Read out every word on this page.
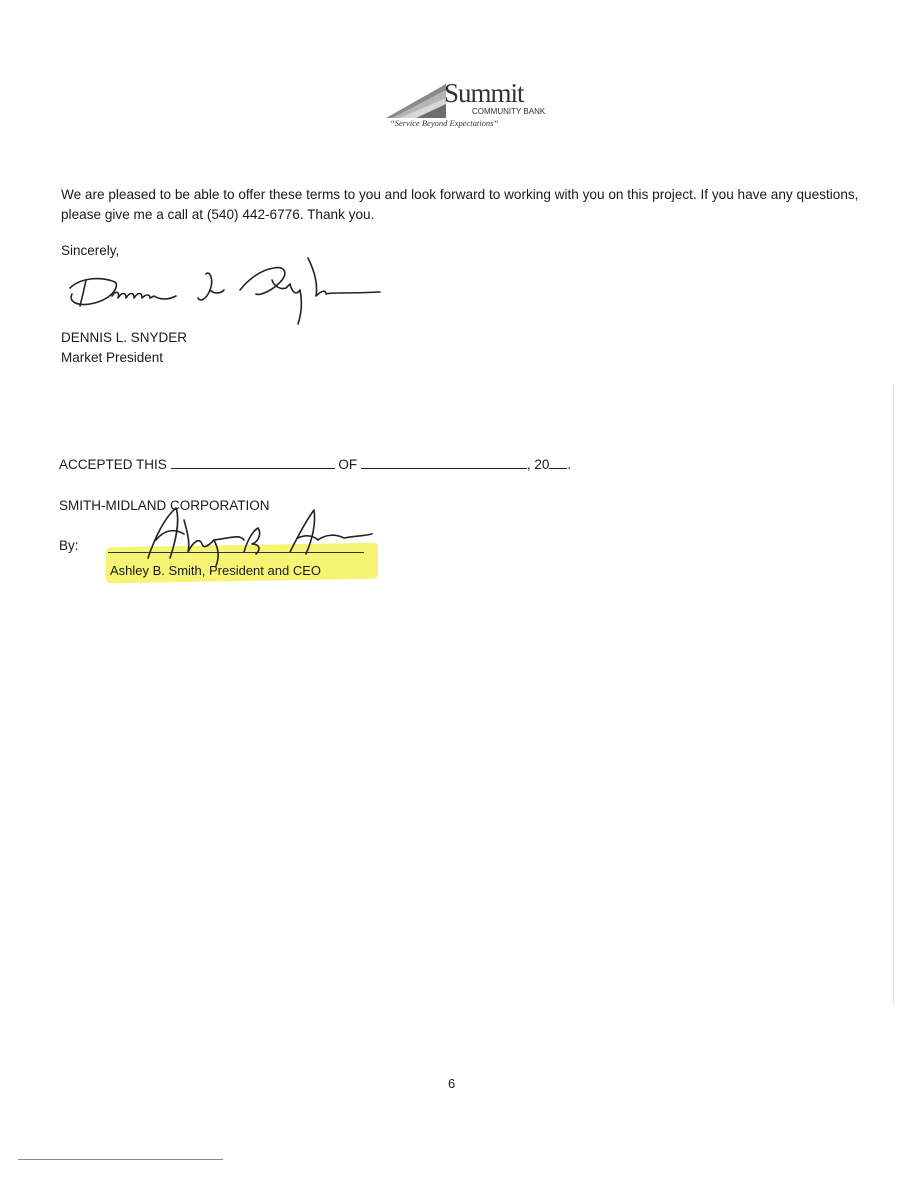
Summit
COMMUNITY BANK
“Service Beyond Expectations”
We are pleased to be able to offer these terms to you and look forward to working with you on this project. If you have any questions, please give me a call at (540) 442-6776. Thank you.
Sincerely,
DENNIS L. SNYDER
Market President
ACCEPTED THIS	OF	, 20 .
SMITH-MIDLAND CORPORATION
By:
Ashley B. Smith, President and CEO
6
